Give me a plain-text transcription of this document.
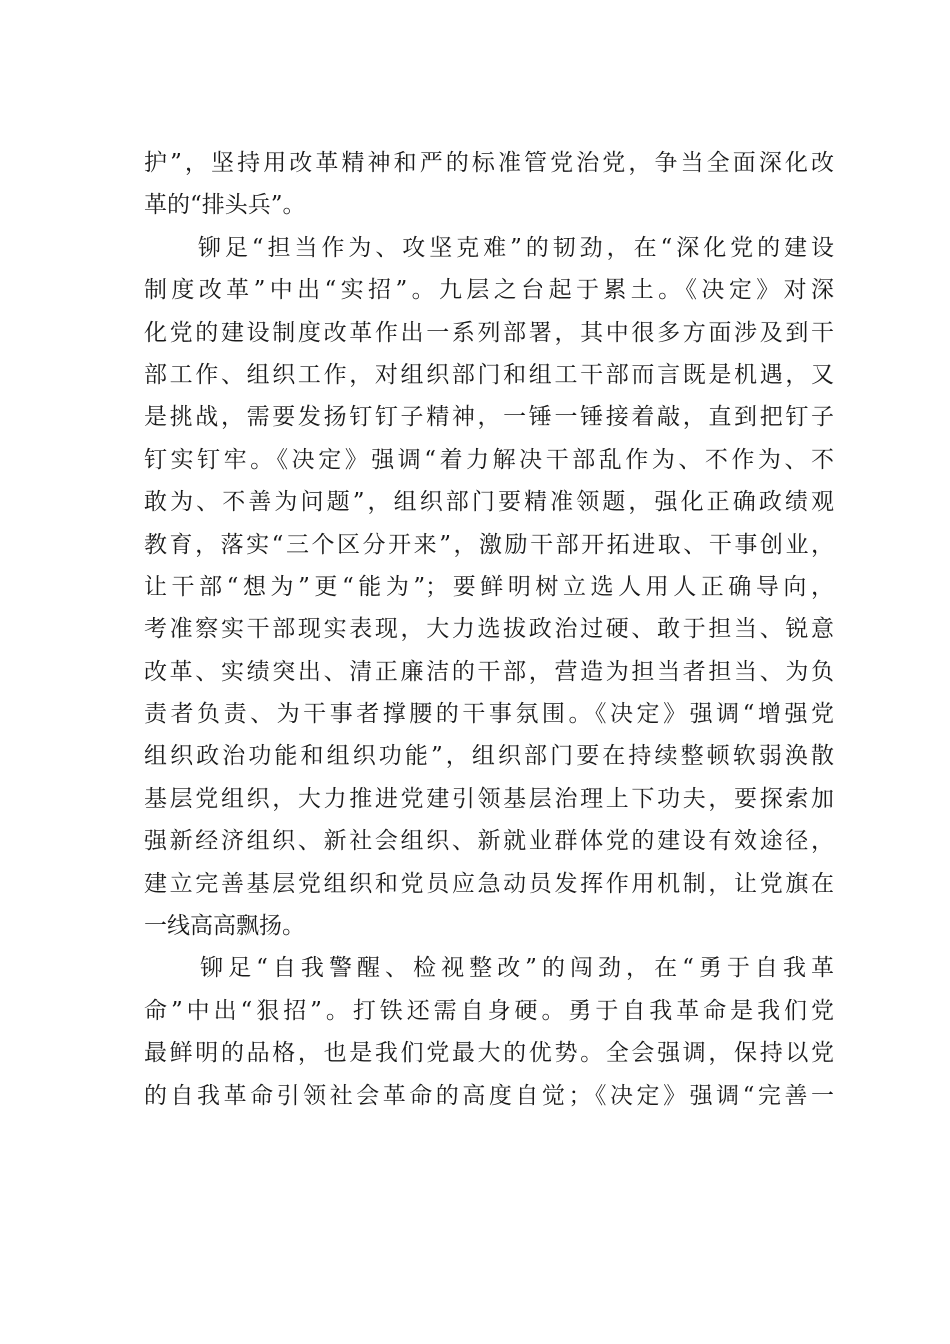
护”，坚持用改革精神和严的标准管党治党，争当全面深化改
革的“排头兵”。
　　铆足“担当作为、攻坚克难”的韧劲，在“深化党的建设
制度改革”中出“实招”。九层之台起于累土。《决定》对深
化党的建设制度改革作出一系列部署，其中很多方面涉及到干
部工作、组织工作，对组织部门和组工干部而言既是机遇，又
是挑战，需要发扬钉钉子精神，一锤一锤接着敲，直到把钉子
钉实钉牢。《决定》强调“着力解决干部乱作为、不作为、不
敢为、不善为问题”，组织部门要精准领题，强化正确政绩观
教育，落实“三个区分开来”，激励干部开拓进取、干事创业，
让干部“想为”更“能为”；要鲜明树立选人用人正确导向，
考准察实干部现实表现，大力选拔政治过硬、敢于担当、锐意
改革、实绩突出、清正廉洁的干部，营造为担当者担当、为负
责者负责、为干事者撑腰的干事氛围。《决定》强调“增强党
组织政治功能和组织功能”，组织部门要在持续整顿软弱涣散
基层党组织，大力推进党建引领基层治理上下功夫，要探索加
强新经济组织、新社会组织、新就业群体党的建设有效途径，
建立完善基层党组织和党员应急动员发挥作用机制，让党旗在
一线高高飘扬。
　　铆足“自我警醒、检视整改”的闯劲，在“勇于自我革
命”中出“狠招”。打铁还需自身硬。勇于自我革命是我们党
最鲜明的品格，也是我们党最大的优势。全会强调，保持以党
的自我革命引领社会革命的高度自觉；《决定》强调“完善一
